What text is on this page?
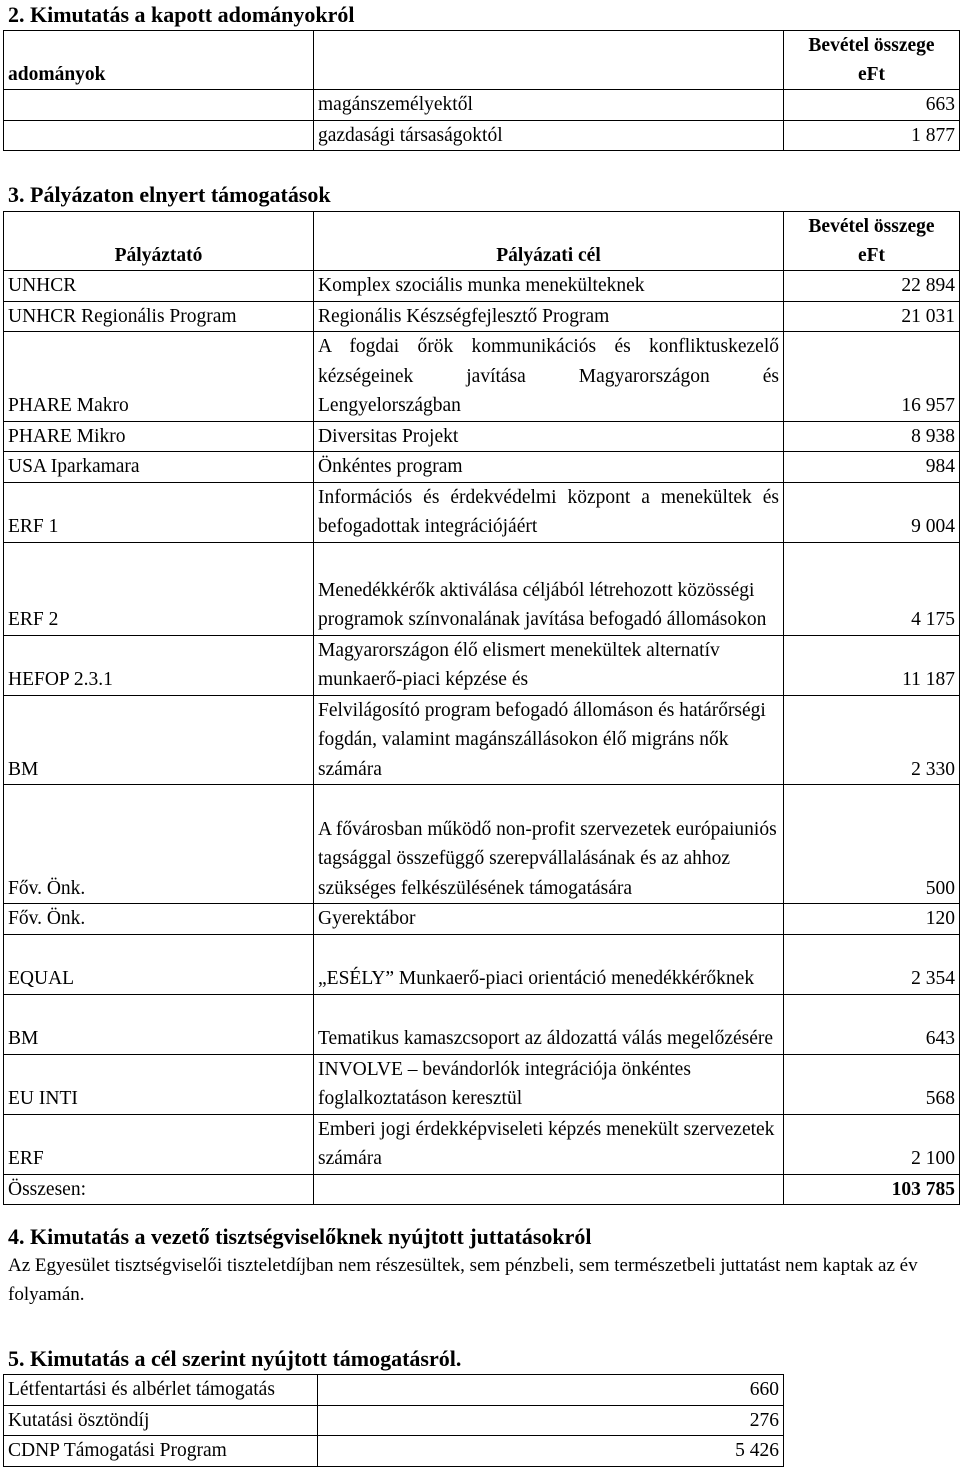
2. Kimutatás a kapott adományokról
adományok		Bevétel összege
eFt

	magánszemélyektől	663
	gazdasági társaságoktól	1 877
3. Pályázaton elnyert támogatások
Pályáztató	Pályázati cél	Bevétel összege
eFt

UNHCR	Komplex szociális munka menekülteknek	22 894
UNHCR Regionális Program	Regionális Készségfejlesztő Program	21 031
PHARE Makro	A fogdai őrök kommunikációs és konfliktuskezelő kézségeinek javítása Magyarországon és Lengyelországban	16 957
PHARE Mikro	Diversitas Projekt	8 938
USA Iparkamara	Önkéntes program	984
ERF 1	Információs és érdekvédelmi központ a menekültek és befogadottak integrációjáért	9 004
ERF 2	Menedékkérők aktiválása céljából létrehozott közösségi programok színvonalának javítása befogadó állomásokon	4 175
HEFOP 2.3.1	Magyarországon élő elismert menekültek alternatív munkaerő-piaci képzése és	11 187
BM	Felvilágosító program befogadó állomáson és határőrségi fogdán, valamint magánszállásokon élő migráns nők számára	2 330
Főv. Önk.	A fővárosban működő non-profit szervezetek európaiuniós tagsággal összefüggő szerepvállalásának és az ahhoz szükséges felkészülésének támogatására	500
Főv. Önk.	Gyerektábor	120
EQUAL	„ESÉLY” Munkaerő-piaci orientáció menedékkérőknek	2 354
BM	Tematikus kamaszcsoport az áldozattá válás megelőzésére	643
EU INTI	INVOLVE – bevándorlók integrációja önkéntes foglalkoztatáson keresztül	568
ERF	Emberi jogi érdekképviseleti képzés menekült szervezetek számára	2 100
Összesen:		103 785
4. Kimutatás a vezető tisztségviselőknek nyújtott juttatásokról
Az Egyesület tisztségviselői tiszteletdíjban nem részesültek, sem pénzbeli, sem természetbeli juttatást nem kaptak az év folyamán.
5. Kimutatás a cél szerint nyújtott támogatásról.
Létfentartási és albérlet támogatás	660
Kutatási ösztöndíj	276
CDNP Támogatási Program	5 426
